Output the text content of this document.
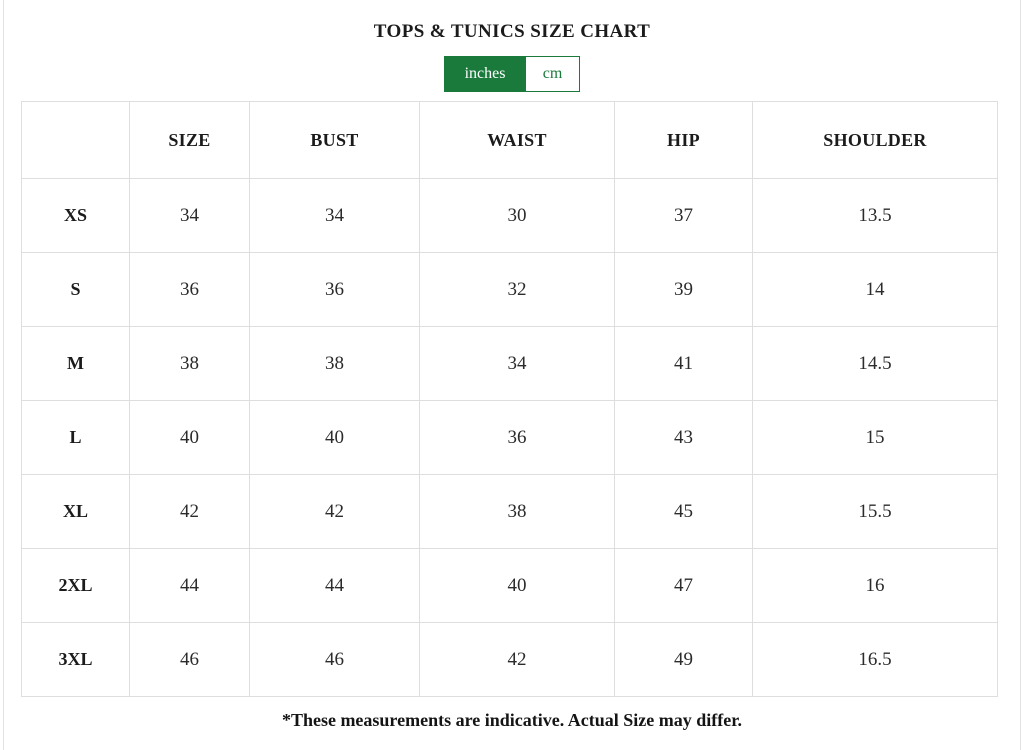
TOPS & TUNICS SIZE CHART
inches	cm
	SIZE	BUST	WAIST	HIP	SHOULDER
XS	34	34	30	37	13.5
S	36	36	32	39	14
M	38	38	34	41	14.5
L	40	40	36	43	15
XL	42	42	38	45	15.5
2XL	44	44	40	47	16
3XL	46	46	42	49	16.5

*These measurements are indicative. Actual Size may differ.
